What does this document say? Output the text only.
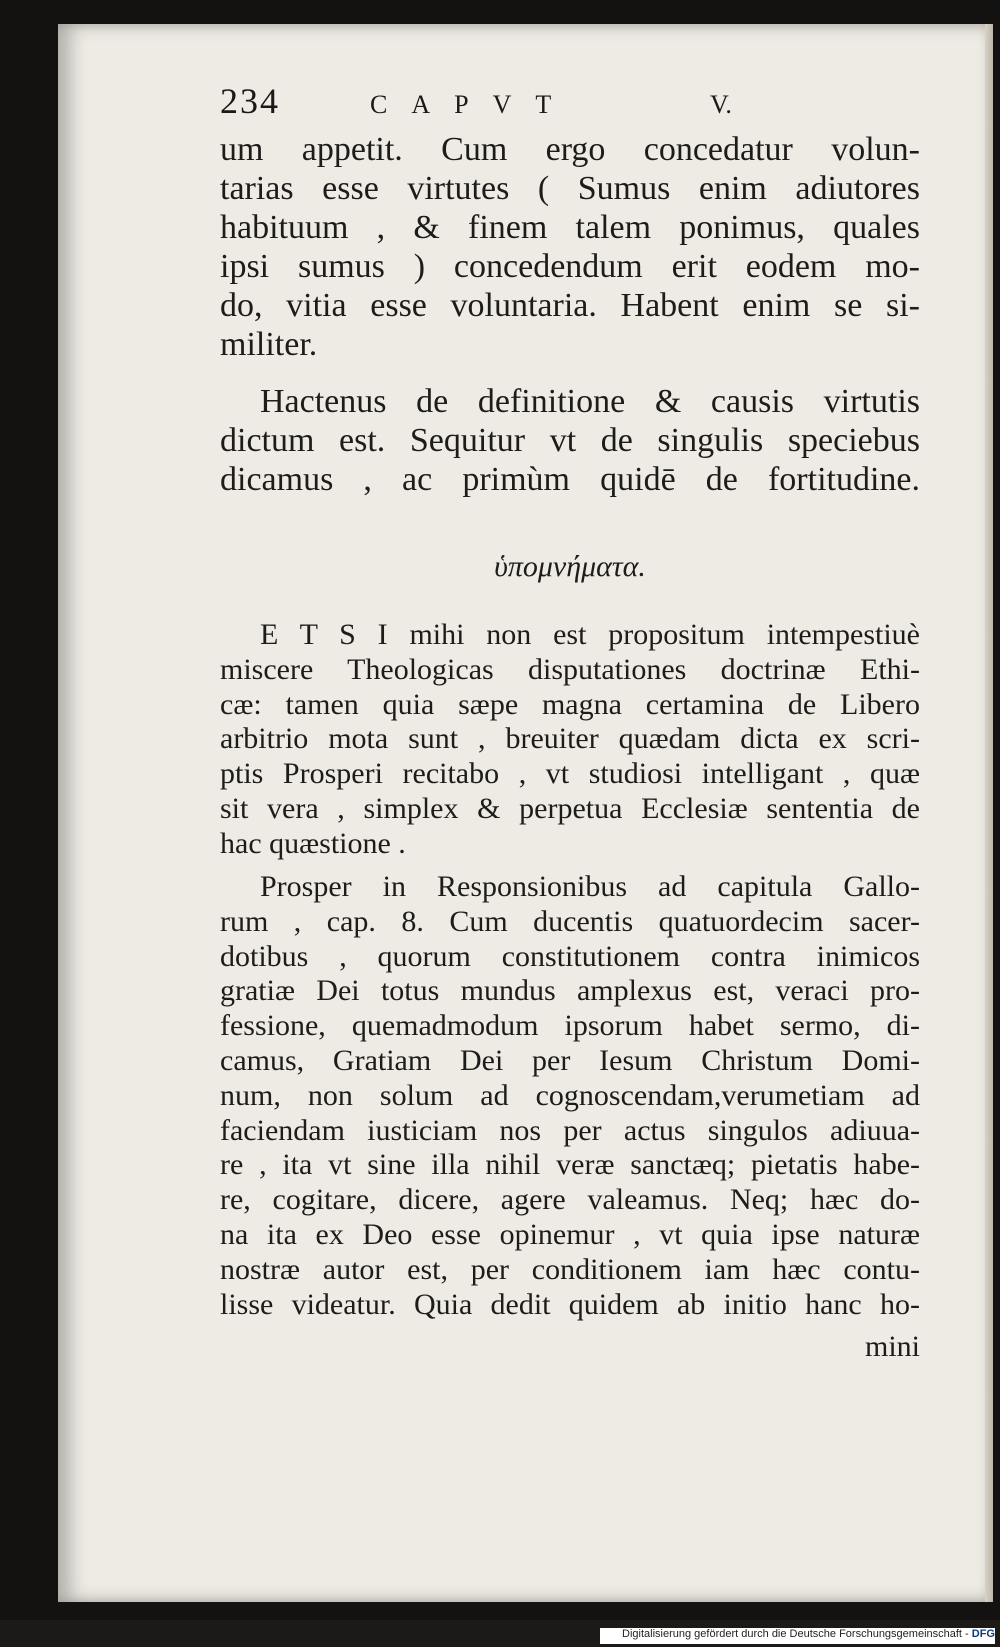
234	CAPVT	V.
um appetit. Cum ergo concedatur volun-
tarias esse virtutes ( Sumus enim adiutores
habituum , & finem talem ponimus, quales
ipsi sumus ) concedendum erit eodem mo-
do, vitia esse voluntaria. Habent enim se si-
militer.
Hactenus de definitione & causis virtutis
dictum est. Sequitur vt de singulis speciebus
dicamus , ac primùm quidē de fortitudine.
ὑπομνήματα.
E T S I mihi non est propositum intempestiuè
miscere Theologicas disputationes doctrinæ Ethi-
cæ: tamen quia sæpe magna certamina de Libero
arbitrio mota sunt , breuiter quædam dicta ex scri-
ptis Prosperi recitabo , vt studiosi intelligant , quæ
sit vera , simplex & perpetua Ecclesiæ sententia de
hac quæstione .
Prosper in Responsionibus ad capitula Gallo-
rum , cap. 8. Cum ducentis quatuordecim sacer-
dotibus , quorum constitutionem contra inimicos
gratiæ Dei totus mundus amplexus est, veraci pro-
fessione, quemadmodum ipsorum habet sermo, di-
camus, Gratiam Dei per Iesum Christum Domi-
num, non solum ad cognoscendam,verumetiam ad
faciendam iusticiam nos per actus singulos adiuua-
re , ita vt sine illa nihil veræ sanctæq; pietatis habe-
re, cogitare, dicere, agere valeamus. Neq; hæc do-
na ita ex Deo esse opinemur , vt quia ipse naturæ
nostræ autor est, per conditionem iam hæc contu-
lisse videatur. Quia dedit quidem ab initio hanc ho-
mini
Digitalisierung gefördert durch die Deutsche Forschungsgemeinschaft - DFG
